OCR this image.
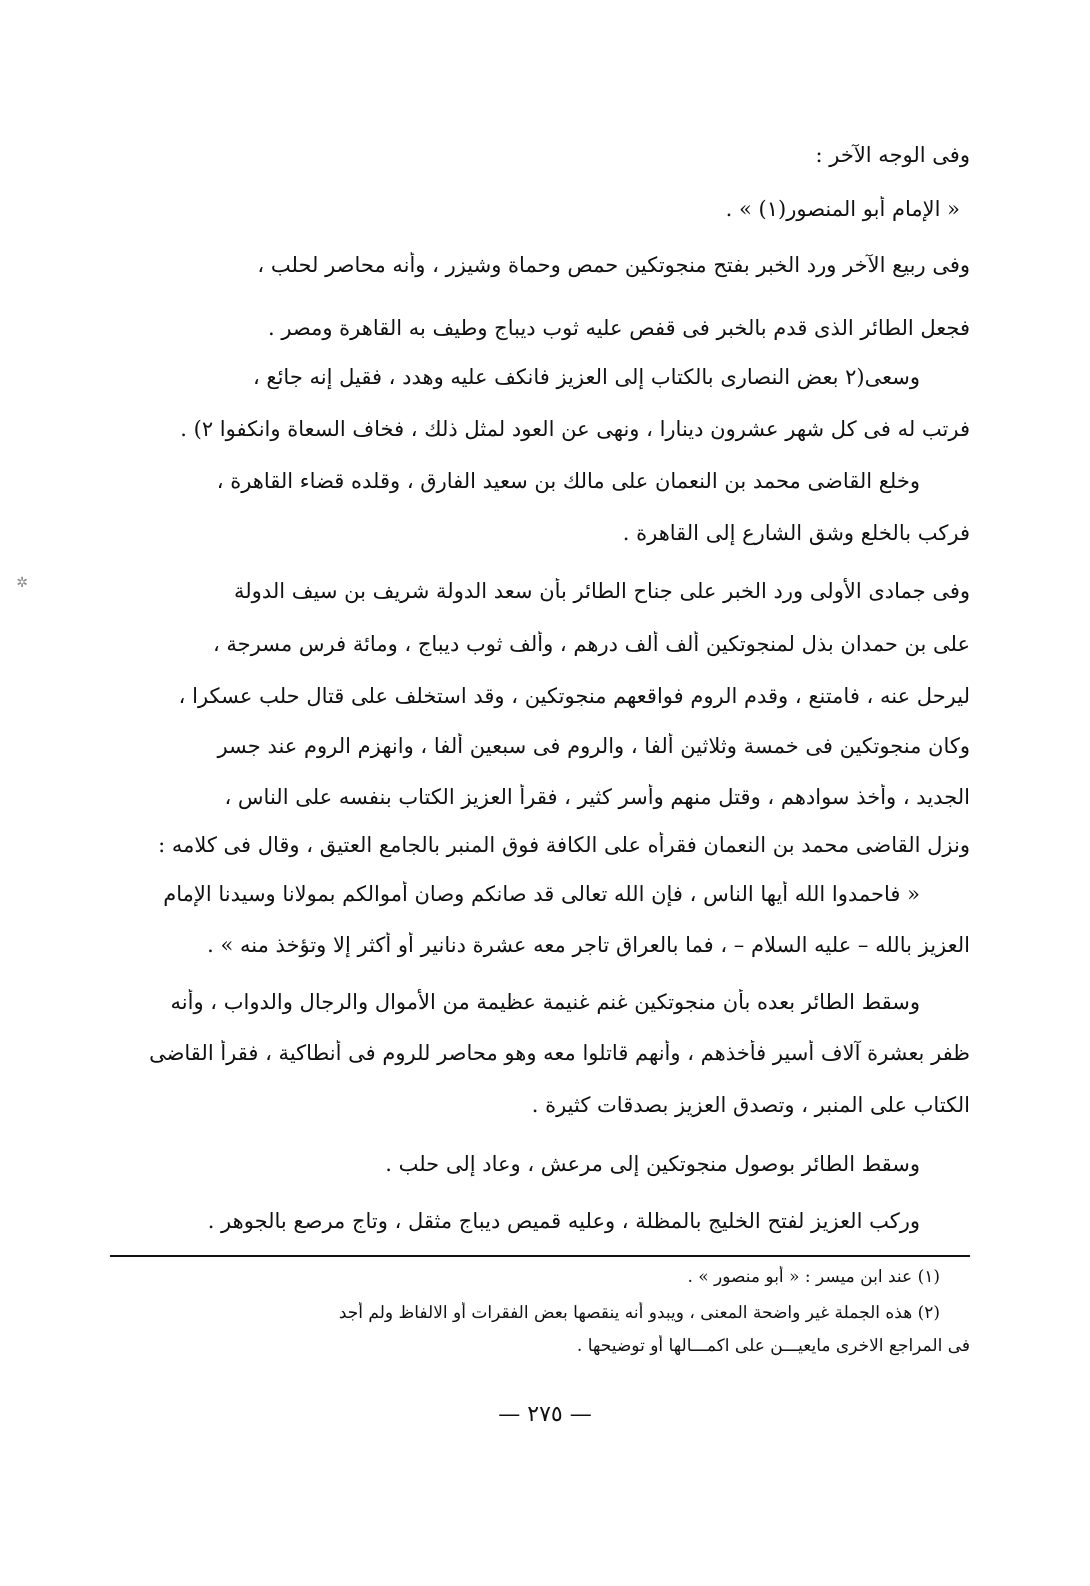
✲
وفى الوجه الآخر :
« الإمام أبو المنصور(١) » .
وفى ربيع الآخر ورد الخبر بفتح منجوتكين حمص وحماة وشيزر ، وأنه محاصر لحلب ،
فجعل الطائر الذى قدم بالخبر فى قفص عليه ثوب ديباج وطيف به القاهرة ومصر .
وسعى(٢ بعض النصارى بالكتاب إلى العزيز فانكف عليه وهدد ، فقيل إنه جائع ،
فرتب له فى كل شهر عشرون دينارا ، ونهى عن العود لمثل ذلك ، فخاف السعاة وانكفوا ٢) .
وخلع القاضى محمد بن النعمان على مالك بن سعيد الفارق ، وقلده قضاء القاهرة ،
فركب بالخلع وشق الشارع إلى القاهرة .
وفى جمادى الأولى ورد الخبر على جناح الطائر بأن سعد الدولة شريف بن سيف الدولة
على بن حمدان بذل لمنجوتكين ألف ألف درهم ، وألف ثوب ديباج ، ومائة فرس مسرجة ،
ليرحل عنه ، فامتنع ، وقدم الروم فواقعهم منجوتكين ، وقد استخلف على قتال حلب عسكرا ،
وكان منجوتكين فى خمسة وثلاثين ألفا ، والروم فى سبعين ألفا ، وانهزم الروم عند جسر
الجديد ، وأخذ سوادهم ، وقتل منهم وأسر كثير ، فقرأ العزيز الكتاب بنفسه على الناس ،
ونزل القاضى محمد بن النعمان فقرأه على الكافة فوق المنبر بالجامع العتيق ، وقال فى كلامه :
« فاحمدوا الله أيها الناس ، فإن الله تعالى قد صانكم وصان أموالكم بمولانا وسيدنا الإمام
العزيز بالله – عليه السلام – ، فما بالعراق تاجر معه عشرة دنانير أو أكثر إلا وتؤخذ منه » .
وسقط الطائر بعده بأن منجوتكين غنم غنيمة عظيمة من الأموال والرجال والدواب ، وأنه
ظفر بعشرة آلاف أسير فأخذهم ، وأنهم قاتلوا معه وهو محاصر للروم فى أنطاكية ، فقرأ القاضى
الكتاب على المنبر ، وتصدق العزيز بصدقات كثيرة .
وسقط الطائر بوصول منجوتكين إلى مرعش ، وعاد إلى حلب .
وركب العزيز لفتح الخليج بالمظلة ، وعليه قميص ديباج مثقل ، وتاج مرصع بالجوهر .
(١) عند ابن ميسر : « أبو منصور » .
(٢) هذه الجملة غير واضحة المعنى ، ويبدو أنه ينقصها بعض الفقرات أو الالفاظ ولم أجد
فى المراجع الاخرى مايعيـــن على اكمـــالها أو توضيحها .
— ٢٧٥ —
